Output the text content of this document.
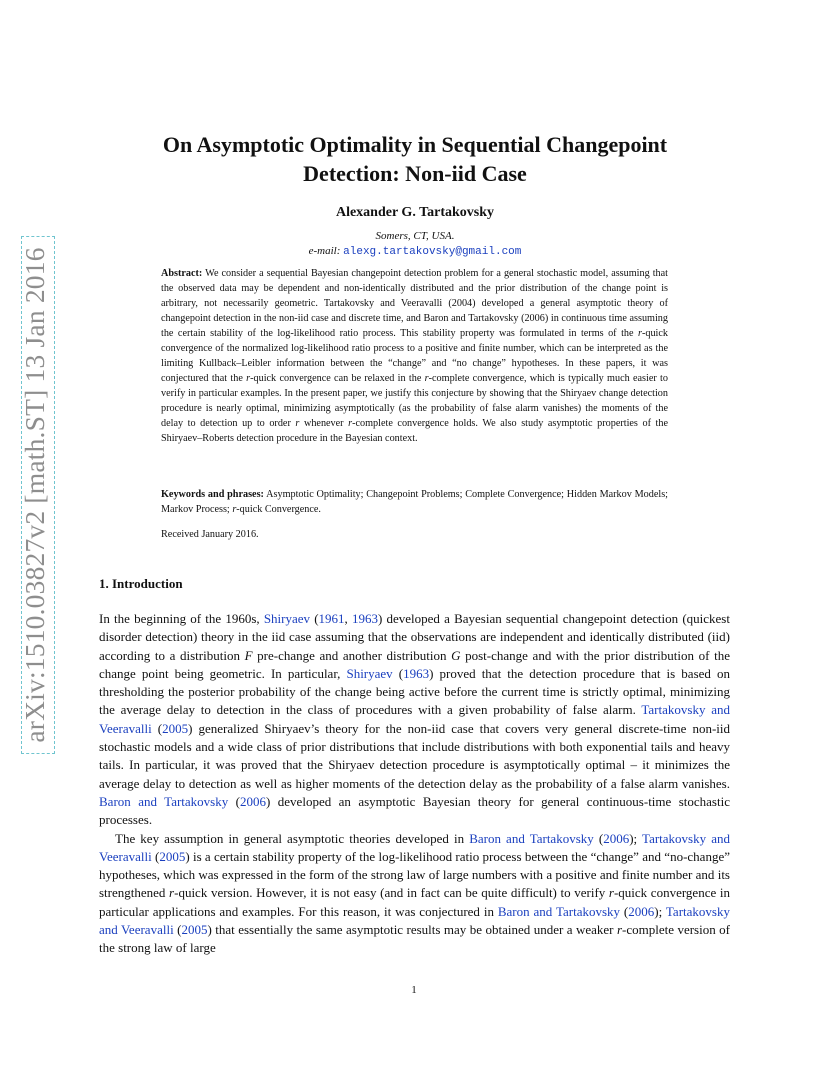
arXiv:1510.03827v2 [math.ST] 13 Jan 2016
On Asymptotic Optimality in Sequential Changepoint
Detection: Non-iid Case
Alexander G. Tartakovsky
Somers, CT, USA.
e-mail: alexg.tartakovsky@gmail.com
Abstract: We consider a sequential Bayesian changepoint detection problem for a general stochastic model, assuming that the observed data may be dependent and non-identically distributed and the prior distribution of the change point is arbitrary, not necessarily geometric. Tartakovsky and Veeravalli (2004) developed a general asymptotic theory of changepoint detection in the non-iid case and discrete time, and Baron and Tartakovsky (2006) in continuous time assuming the certain stability of the log-likelihood ratio process. This stability property was formulated in terms of the r-quick convergence of the normalized log-likelihood ratio process to a positive and finite number, which can be interpreted as the limiting Kullback–Leibler information between the “change” and “no change” hypotheses. In these papers, it was conjectured that the r-quick convergence can be relaxed in the r-complete convergence, which is typically much easier to verify in particular examples. In the present paper, we justify this conjecture by showing that the Shiryaev change detection procedure is nearly optimal, minimizing asymptotically (as the probability of false alarm vanishes) the moments of the delay to detection up to order r whenever r-complete convergence holds. We also study asymptotic properties of the Shiryaev–Roberts detection procedure in the Bayesian context.
Keywords and phrases: Asymptotic Optimality; Changepoint Problems; Complete Convergence; Hidden Markov Models; Markov Process; r-quick Convergence.
Received January 2016.
1. Introduction

In the beginning of the 1960s, Shiryaev (1961, 1963) developed a Bayesian sequential changepoint detection (quickest disorder detection) theory in the iid case assuming that the observations are independent and identically distributed (iid) according to a distribution F pre-change and another distribution G post-change and with the prior distribution of the change point being geometric. In particular, Shiryaev (1963) proved that the detection procedure that is based on thresholding the posterior probability of the change being active before the current time is strictly optimal, minimizing the average delay to detection in the class of procedures with a given probability of false alarm. Tartakovsky and Veeravalli (2005) generalized Shiryaev’s theory for the non-iid case that covers very general discrete-time non-iid stochastic models and a wide class of prior distributions that include distributions with both exponential tails and heavy tails. In particular, it was proved that the Shiryaev detection procedure is asymptotically optimal – it minimizes the average delay to detection as well as higher moments of the detection delay as the probability of a false alarm vanishes. Baron and Tartakovsky (2006) developed an asymptotic Bayesian theory for general continuous-time stochastic processes.

The key assumption in general asymptotic theories developed in Baron and Tartakovsky (2006); Tartakovsky and Veeravalli (2005) is a certain stability property of the log-likelihood ratio process between the “change” and “no-change” hypotheses, which was expressed in the form of the strong law of large numbers with a positive and finite number and its strengthened r-quick version. However, it is not easy (and in fact can be quite difficult) to verify r-quick convergence in particular applications and examples. For this reason, it was conjectured in Baron and Tartakovsky (2006); Tartakovsky and Veeravalli (2005) that essentially the same asymptotic results may be obtained under a weaker r-complete version of the strong law of large

1
